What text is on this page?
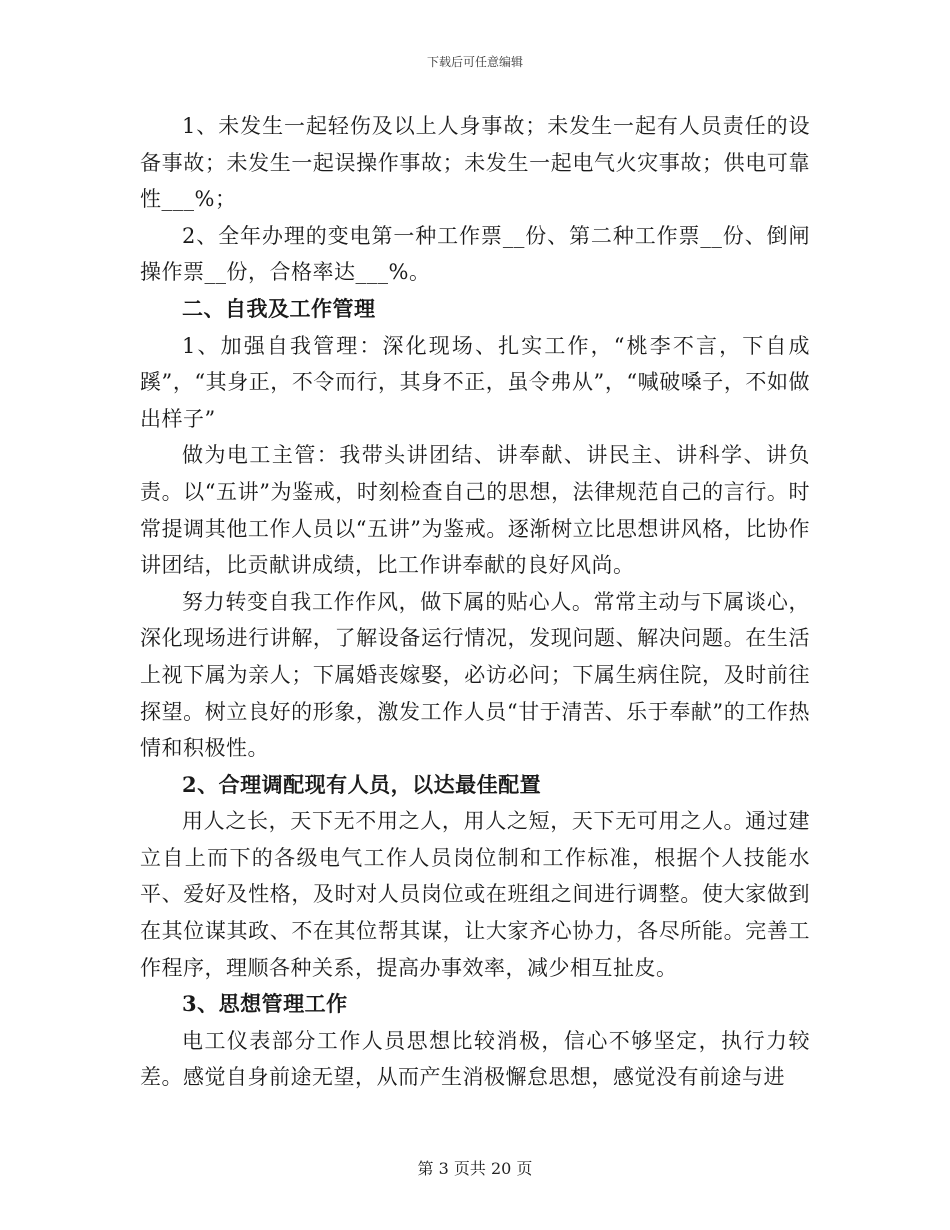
下载后可任意编辑

1、未发生一起轻伤及以上人身事故；未发生一起有人员责任的设备事故；未发生一起误操作事故；未发生一起电气火灾事故；供电可靠性___%；

2、全年办理的变电第一种工作票__份、第二种工作票__份、倒闸操作票__份，合格率达___%。

二、自我及工作管理

1、加强自我管理：深化现场、扎实工作，“桃李不言，下自成蹊”，“其身正，不令而行，其身不正，虽令弗从”，“喊破嗓子，不如做出样子”

做为电工主管：我带头讲团结、讲奉献、讲民主、讲科学、讲负责。以“五讲”为鉴戒，时刻检查自己的思想，法律规范自己的言行。时常提调其他工作人员以“五讲”为鉴戒。逐渐树立比思想讲风格，比协作讲团结，比贡献讲成绩，比工作讲奉献的良好风尚。

努力转变自我工作作风，做下属的贴心人。常常主动与下属谈心，深化现场进行讲解，了解设备运行情况，发现问题、解决问题。在生活上视下属为亲人；下属婚丧嫁娶，必访必问；下属生病住院，及时前往探望。树立良好的形象，激发工作人员“甘于清苦、乐于奉献”的工作热情和积极性。

2、合理调配现有人员，以达最佳配置

用人之长，天下无不用之人，用人之短，天下无可用之人。通过建立自上而下的各级电气工作人员岗位制和工作标准，根据个人技能水平、爱好及性格，及时对人员岗位或在班组之间进行调整。使大家做到在其位谋其政、不在其位帮其谋，让大家齐心协力，各尽所能。完善工作程序，理顺各种关系，提高办事效率，减少相互扯皮。

3、思想管理工作

电工仪表部分工作人员思想比较消极，信心不够坚定，执行力较差。感觉自身前途无望，从而产生消极懈怠思想，感觉没有前途与进

第 3 页共 20 页
